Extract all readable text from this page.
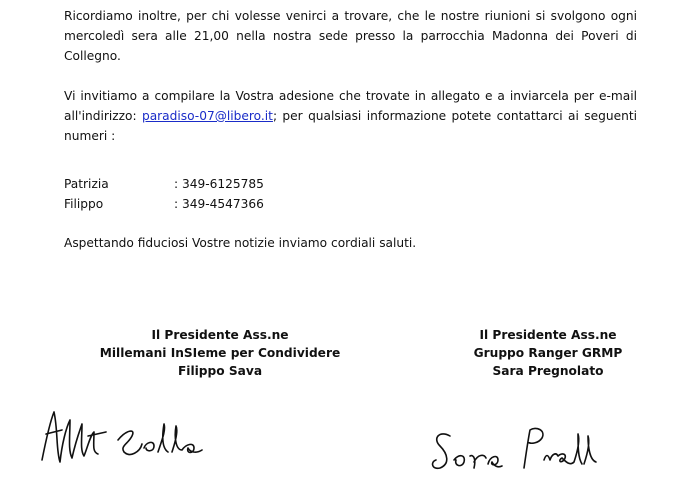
Ricordiamo inoltre, per chi volesse venirci a trovare, che le nostre riunioni si svolgono ogni mercoledì sera alle 21,00 nella nostra sede presso la parrocchia Madonna dei Poveri di Collegno.

Vi invitiamo a compilare la Vostra adesione che trovate in allegato e a inviarcela per e-mail all'indirizzo: paradiso-07@libero.it; per qualsiasi informazione potete contattarci ai seguenti numeri :

Patrizia	: 349-6125785
Filippo	: 349-4547366

Aspettando fiduciosi Vostre notizie inviamo cordiali saluti.

Il Presidente Ass.ne
Millemani InSIeme per Condividere
Filippo Sava
Il Presidente Ass.ne
Gruppo Ranger GRMP
Sara Pregnolato
